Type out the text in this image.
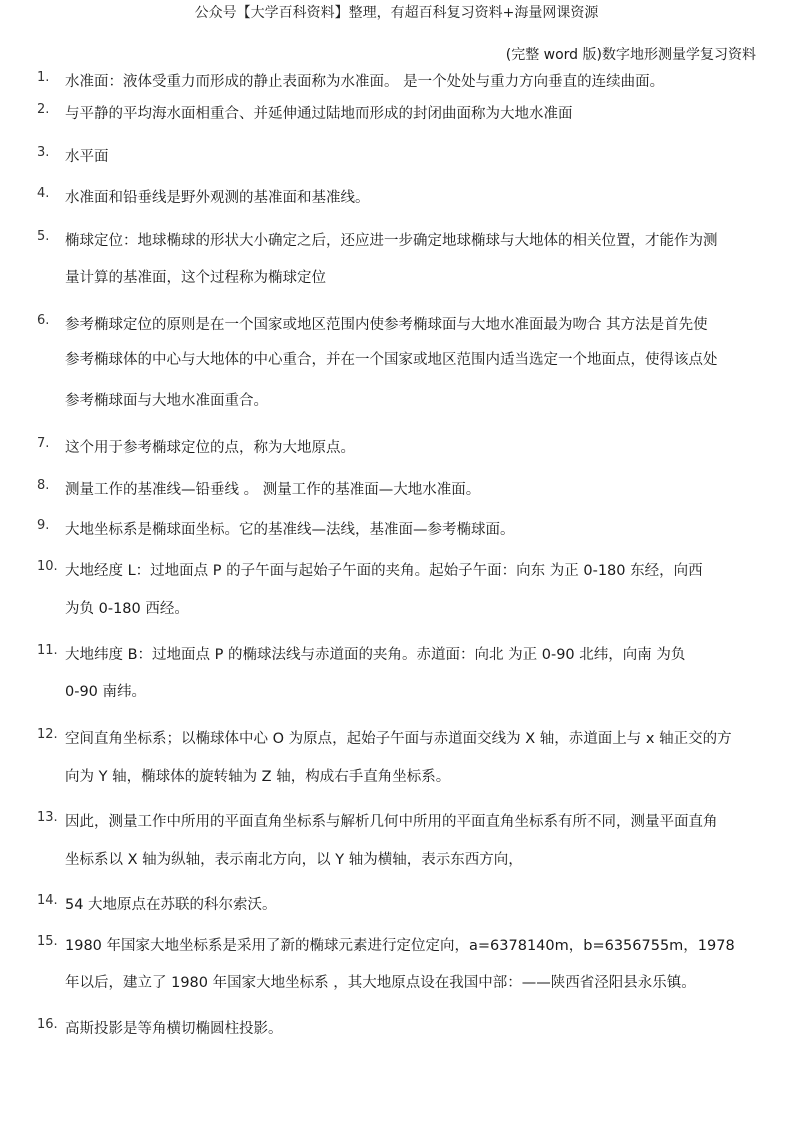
公众号【大学百科资料】整理，有超百科复习资料+海量网课资源
(完整 word 版)数字地形测量学复习资料
1.	水准面：液体受重力而形成的静止表面称为水准面。 是一个处处与重力方向垂直的连续曲面。
2.	与平静的平均海水面相重合、并延伸通过陆地而形成的封闭曲面称为大地水准面
3.	水平面
4.	水准面和铅垂线是野外观测的基准面和基准线。
5.	椭球定位：地球椭球的形状大小确定之后，还应进一步确定地球椭球与大地体的相关位置，才能作为测
量计算的基准面，这个过程称为椭球定位
6.	参考椭球定位的原则是在一个国家或地区范围内使参考椭球面与大地水准面最为吻合 其方法是首先使
参考椭球体的中心与大地体的中心重合，并在一个国家或地区范围内适当选定一个地面点，使得该点处
参考椭球面与大地水准面重合。
7.	这个用于参考椭球定位的点，称为大地原点。
8.	测量工作的基准线—铅垂线 。 测量工作的基准面—大地水准面。
9.	大地坐标系是椭球面坐标。它的基准线—法线，基准面—参考椭球面。
10. 大地经度 L：过地面点 P 的子午面与起始子午面的夹角。起始子午面：向东 为正 0-180 东经，向西
为负 0-180 西经。
11. 大地纬度 B：过地面点 P 的椭球法线与赤道面的夹角。赤道面：向北 为正 0-90 北纬，向南 为负
0-90 南纬。
12. 空间直角坐标系；以椭球体中心 O 为原点，起始子午面与赤道面交线为 X 轴，赤道面上与 x 轴正交的方
向为 Y 轴，椭球体的旋转轴为 Z 轴，构成右手直角坐标系。
13. 因此，测量工作中所用的平面直角坐标系与解析几何中所用的平面直角坐标系有所不同，测量平面直角
坐标系以 X 轴为纵轴，表示南北方向，以 Y 轴为横轴，表示东西方向，
14. 54 大地原点在苏联的科尔索沃。
15. 1980 年国家大地坐标系是采用了新的椭球元素进行定位定向，a=6378140m，b=6356755m，1978
年以后，建立了 1980 年国家大地坐标系 ，其大地原点设在我国中部：——陕西省泾阳县永乐镇。
16. 高斯投影是等角横切椭圆柱投影。
